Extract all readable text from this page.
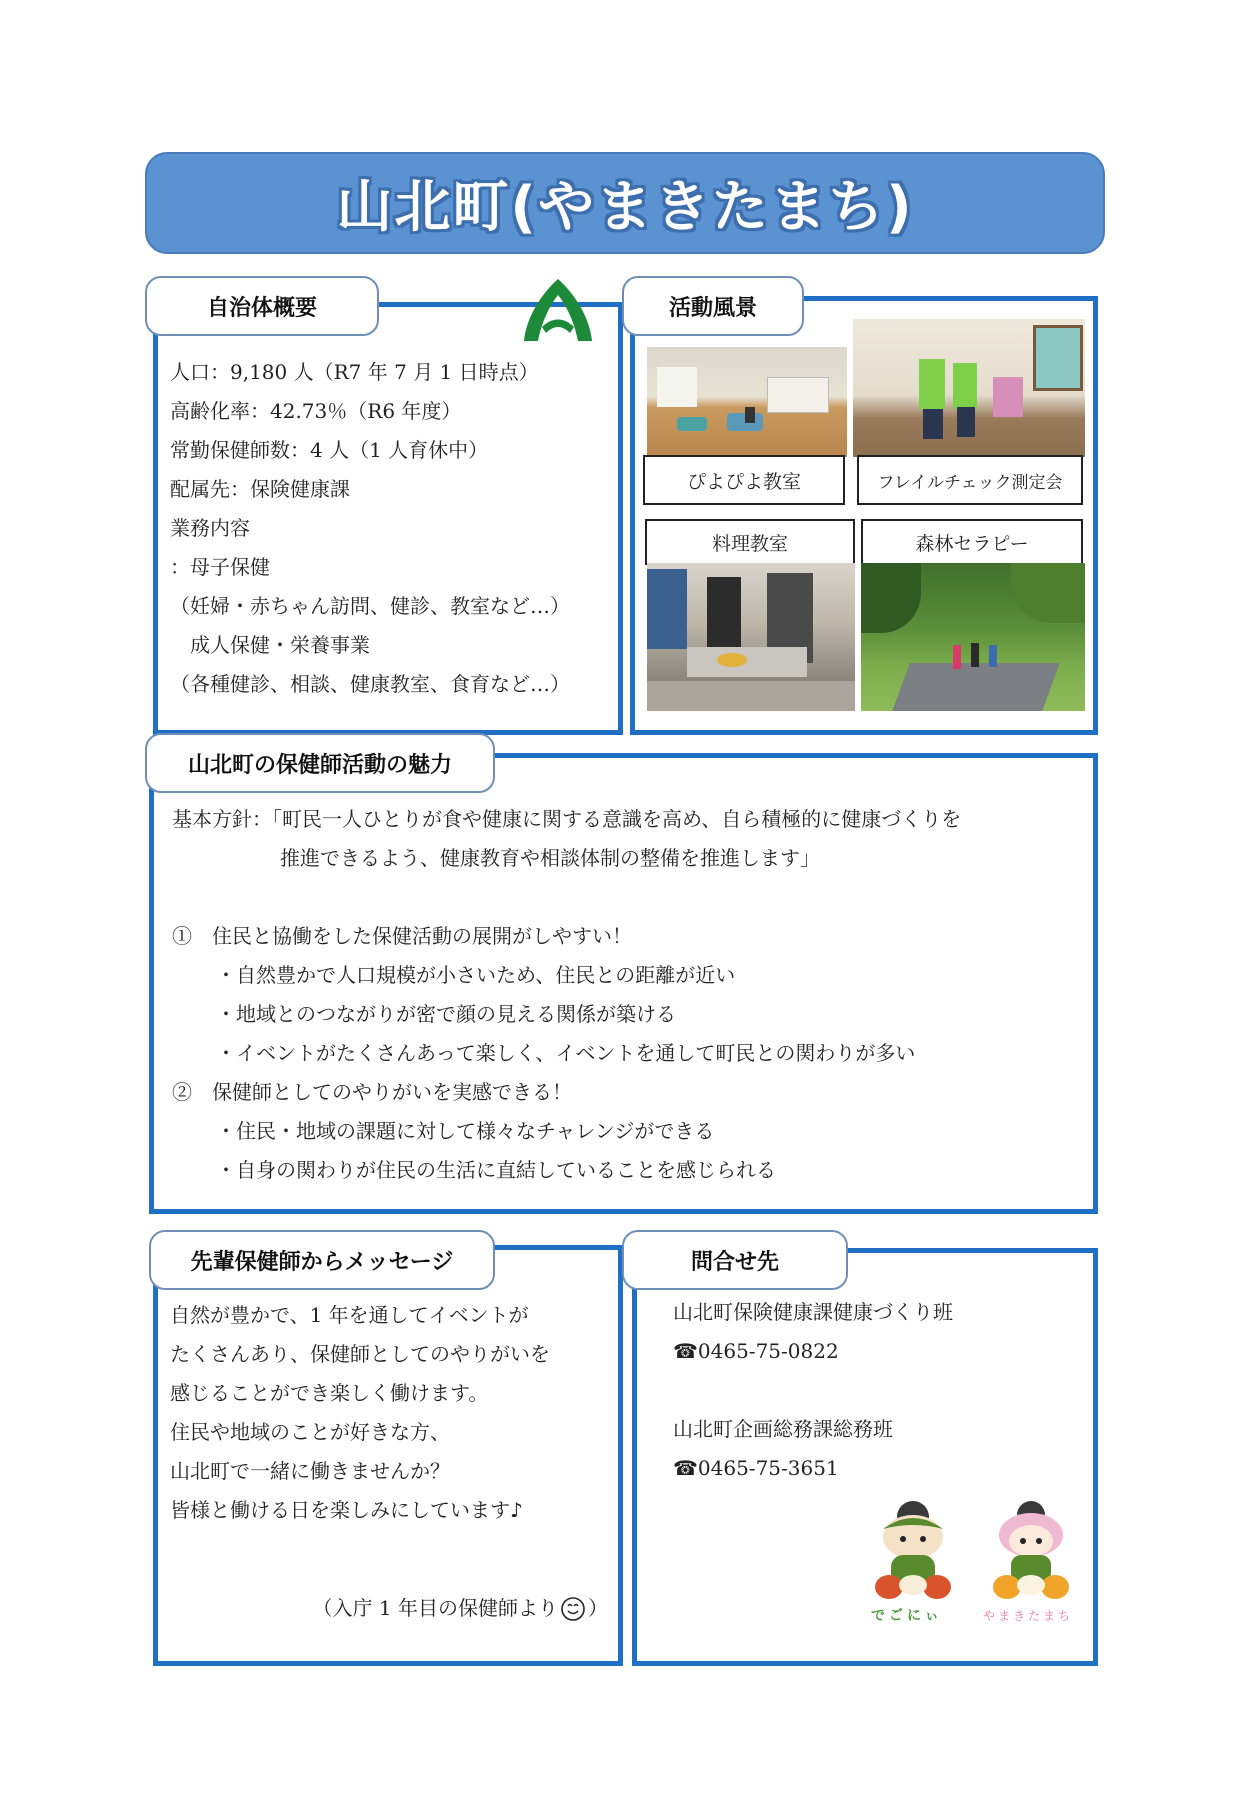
山北町(やまきたまち)
人口：9,180 人（R7 年 7 月 1 日時点）
高齢化率：42.73％（R6 年度）
常勤保健師数：4 人（1 人育休中）
配属先：保険健康課
業務内容
：母子保健
（妊婦・赤ちゃん訪問、健診、教室など…）
　成人保健・栄養事業
（各種健診、相談、健康教室、食育など…）
自治体概要
ぴよぴよ教室	フレイルチェック測定会
料理教室	森林セラピー
活動風景
基本方針：「町民一人ひとりが食や健康に関する意識を高め、自ら積極的に健康づくりを
推進できるよう、健康教育や相談体制の整備を推進します」
①　住民と協働をした保健活動の展開がしやすい！
・自然豊かで人口規模が小さいため、住民との距離が近い
・地域とのつながりが密で顔の見える関係が築ける
・イベントがたくさんあって楽しく、イベントを通して町民との関わりが多い
②　保健師としてのやりがいを実感できる！
・住民・地域の課題に対して様々なチャレンジができる
・自身の関わりが住民の生活に直結していることを感じられる
山北町の保健師活動の魅力
自然が豊かで、1 年を通してイベントが
たくさんあり、保健師としてのやりがいを
感じることができ楽しく働けます。
住民や地域のことが好きな方、
山北町で一緒に働きませんか？
皆様と働ける日を楽しみにしています♪
（入庁 1 年目の保健師より ）
先輩保健師からメッセージ
山北町保険健康課健康づくり班
☎0465-75-0822
山北町企画総務課総務班
☎0465-75-3651
でごにぃ	やまきたまち
問合せ先
